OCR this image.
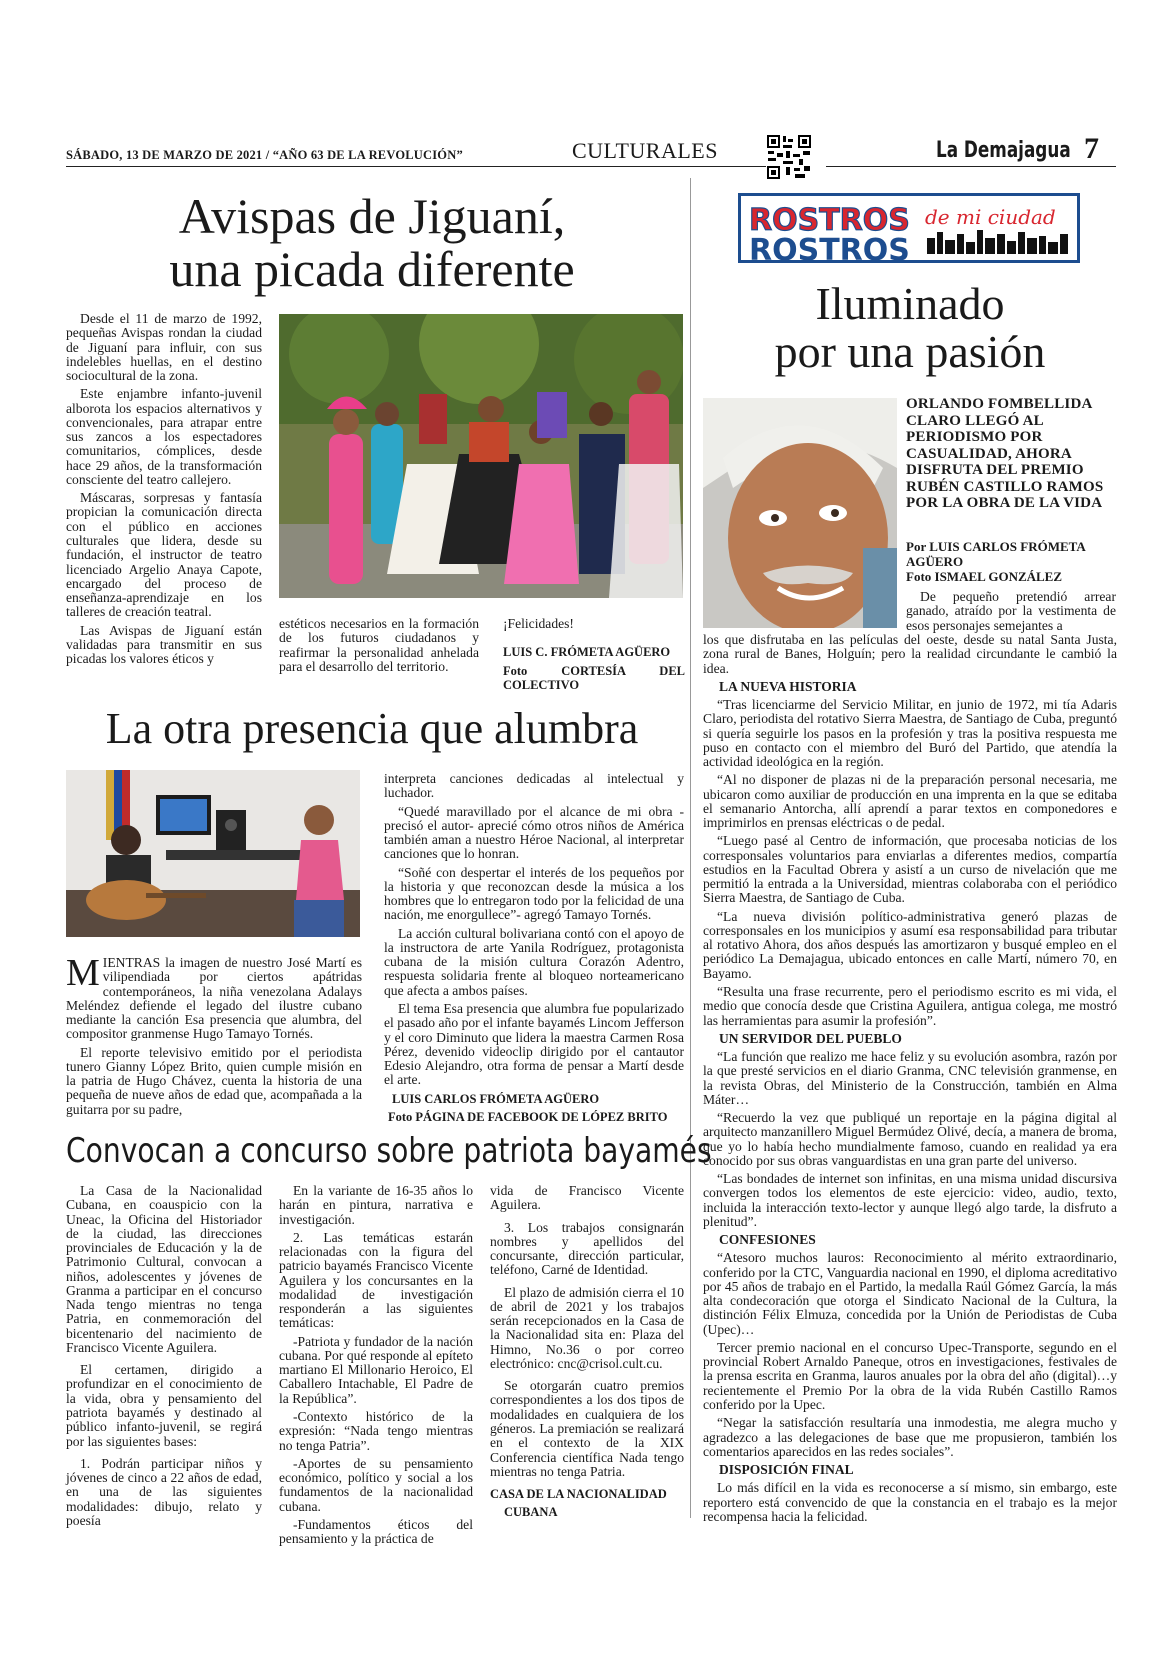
SÁBADO, 13 DE MARZO DE 2021 / “AÑO 63 DE LA REVOLUCIÓN”	CULTURALES	La Demajagua 7
Avispas de Jiguaní,
una picada diferente

Desde el 11 de marzo de 1992, pequeñas Avispas rondan la ciudad de Jiguaní para influir, con sus indelebles huellas, en el destino sociocultural de la zona.

Este enjambre infanto-juvenil alborota los espacios alternativos y convencionales, para atrapar entre sus zancos a los espectadores comunitarios, cómplices, desde hace 29 años, de la transformación consciente del teatro callejero.

Máscaras, sorpresas y fantasía propician la comunicación directa con el público en acciones culturales que lidera, desde su fundación, el instructor de teatro licenciado Argelio Anaya Capote, encargado del proceso de enseñanza-aprendizaje en los talleres de creación teatral.

Las Avispas de Jiguaní están validadas para transmitir en sus picadas los valores éticos y

estéticos necesarios en la formación de los futuros ciudadanos y reafirmar la personalidad anhelada para el desarrollo del territorio.

¡Felicidades!

LUIS C. FRÓMETA AGÜERO

Foto CORTESÍA DEL COLECTIVO

La otra presencia que alumbra

MIENTRAS la imagen de nuestro José Martí es vilipendiada por ciertos apátridas contemporáneos, la niña venezolana Adalays Meléndez defiende el legado del ilustre cubano mediante la canción Esa presencia que alumbra, del compositor granmense Hugo Tamayo Tornés.

El reporte televisivo emitido por el periodista tunero Gianny López Brito, quien cumple misión en la patria de Hugo Chávez, cuenta la historia de una pequeña de nueve años de edad que, acompañada a la guitarra por su padre,

interpreta canciones dedicadas al intelectual y luchador.

“Quedé maravillado por el alcance de mi obra -precisó el autor- aprecié cómo otros niños de América también aman a nuestro Héroe Nacional, al interpretar canciones que lo honran.

“Soñé con despertar el interés de los pequeños por la historia y que reconozcan desde la música a los hombres que lo entregaron todo por la felicidad de una nación, me enorgullece”- agregó Tamayo Tornés.

La acción cultural bolivariana contó con el apoyo de la instructora de arte Yanila Rodríguez, protagonista cubana de la misión cultura Corazón Adentro, respuesta solidaria frente al bloqueo norteamericano que afecta a ambos países.

El tema Esa presencia que alumbra fue popularizado el pasado año por el infante bayamés Lincom Jefferson y el coro Diminuto que lidera la maestra Carmen Rosa Pérez, devenido videoclip dirigido por el cantautor Edesio Alejandro, otra forma de pensar a Martí desde el arte.

LUIS CARLOS FRÓMETA AGÜERO

Foto PÁGINA DE FACEBOOK DE LÓPEZ BRITO

Convocan a concurso sobre patriota bayamés

La Casa de la Nacionalidad Cubana, en coauspicio con la Uneac, la Oficina del Historiador de la ciudad, las direcciones provinciales de Educación y la de Patrimonio Cultural, convocan a niños, adolescentes y jóvenes de Granma a participar en el concurso Nada tengo mientras no tenga Patria, en conmemoración del bicentenario del nacimiento de Francisco Vicente Aguilera.

El certamen, dirigido a profundizar en el conocimiento de la vida, obra y pensamiento del patriota bayamés y destinado al público infanto-juvenil, se regirá por las siguientes bases:

1. Podrán participar niños y jóvenes de cinco a 22 años de edad, en una de las siguientes modalidades: dibujo, relato y poesía

En la variante de 16-35 años lo harán en pintura, narrativa e investigación.

2. Las temáticas estarán relacionadas con la figura del patricio bayamés Francisco Vicente Aguilera y los concursantes en la modalidad de investigación responderán a las siguientes temáticas:

-Patriota y fundador de la nación cubana. Por qué responde al epíteto martiano El Millonario Heroico, El Caballero Intachable, El Padre de la República”.

-Contexto histórico de la expresión: “Nada tengo mientras no tenga Patria”.

-Aportes de su pensamiento económico, político y social a los fundamentos de la nacionalidad cubana.

-Fundamentos éticos del pensamiento y la práctica de

vida de Francisco Vicente Aguilera.

3. Los trabajos consignarán nombres y apellidos del concursante, dirección particular, teléfono, Carné de Identidad.

El plazo de admisión cierra el 10 de abril de 2021 y los trabajos serán recepcionados en la Casa de la Nacionalidad sita en: Plaza del Himno, No.36 o por correo electrónico: cnc@crisol.cult.cu.

Se otorgarán cuatro premios correspondientes a los dos tipos de modalidades en cualquiera de los géneros. La premiación se realizará en el contexto de la XIX Conferencia científica Nada tengo mientras no tenga Patria.

CASA DE LA NACIONALIDAD

CUBANA

ROSTROS
ROSTROS
de mi ciudad
Iluminado
por una pasión
ORLANDO FOMBELLIDA CLARO LLEGÓ AL PERIODISMO POR CASUALIDAD, AHORA DISFRUTA DEL PREMIO RUBÉN CASTILLO RAMOS POR LA OBRA DE LA VIDA
Por LUIS CARLOS FRÓMETA AGÜERO
Foto ISMAEL GONZÁLEZ

De pequeño pretendió arrear ganado, atraído por la vestimenta de esos personajes semejantes a

los que disfrutaba en las películas del oeste, desde su natal Santa Justa, zona rural de Banes, Holguín; pero la realidad circundante le cambió la idea.

LA NUEVA HISTORIA

“Tras licenciarme del Servicio Militar, en junio de 1972, mi tía Adaris Claro, periodista del rotativo Sierra Maestra, de Santiago de Cuba, preguntó si quería seguirle los pasos en la profesión y tras la positiva respuesta me puso en contacto con el miembro del Buró del Partido, que atendía la actividad ideológica en la región.

“Al no disponer de plazas ni de la preparación personal necesaria, me ubicaron como auxiliar de producción en una imprenta en la que se editaba el semanario Antorcha, allí aprendí a parar textos en componedores e imprimirlos en prensas eléctricas o de pedal.

“Luego pasé al Centro de información, que procesaba noticias de los corresponsales voluntarios para enviarlas a diferentes medios, compartía estudios en la Facultad Obrera y asistí a un curso de nivelación que me permitió la entrada a la Universidad, mientras colaboraba con el periódico Sierra Maestra, de Santiago de Cuba.

“La nueva división político-administrativa generó plazas de corresponsales en los municipios y asumí esa responsabilidad para tributar al rotativo Ahora, dos años después las amortizaron y busqué empleo en el periódico La Demajagua, ubicado entonces en calle Martí, número 70, en Bayamo.

“Resulta una frase recurrente, pero el periodismo escrito es mi vida, el medio que conocía desde que Cristina Aguilera, antigua colega, me mostró las herramientas para asumir la profesión”.

UN SERVIDOR DEL PUEBLO

“La función que realizo me hace feliz y su evolución asombra, razón por la que presté servicios en el diario Granma, CNC televisión granmense, en la revista Obras, del Ministerio de la Construcción, también en Alma Máter…

“Recuerdo la vez que publiqué un reportaje en la página digital al arquitecto manzanillero Miguel Bermúdez Olivé, decía, a manera de broma, que yo lo había hecho mundialmente famoso, cuando en realidad ya era conocido por sus obras vanguardistas en una gran parte del universo.

“Las bondades de internet son infinitas, en una misma unidad discursiva convergen todos los elementos de este ejercicio: video, audio, texto, incluida la interacción texto-lector y aunque llegó algo tarde, la disfruto a plenitud”.

CONFESIONES

“Atesoro muchos lauros: Reconocimiento al mérito extraordinario, conferido por la CTC, Vanguardia nacional en 1990, el diploma acreditativo por 45 años de trabajo en el Partido, la medalla Raúl Gómez García, la más alta condecoración que otorga el Sindicato Nacional de la Cultura, la distinción Félix Elmuza, concedida por la Unión de Periodistas de Cuba (Upec)…

Tercer premio nacional en el concurso Upec-Transporte, segundo en el provincial Robert Arnaldo Paneque, otros en investigaciones, festivales de la prensa escrita en Granma, lauros anuales por la obra del año (digital)…y recientemente el Premio Por la obra de la vida Rubén Castillo Ramos conferido por la Upec.

“Negar la satisfacción resultaría una inmodestia, me alegra mucho y agradezco a las delegaciones de base que me propusieron, también los comentarios aparecidos en las redes sociales”.

DISPOSICIÓN FINAL

Lo más difícil en la vida es reconocerse a sí mismo, sin embargo, este reportero está convencido de que la constancia en el trabajo es la mejor recompensa hacia la felicidad.
